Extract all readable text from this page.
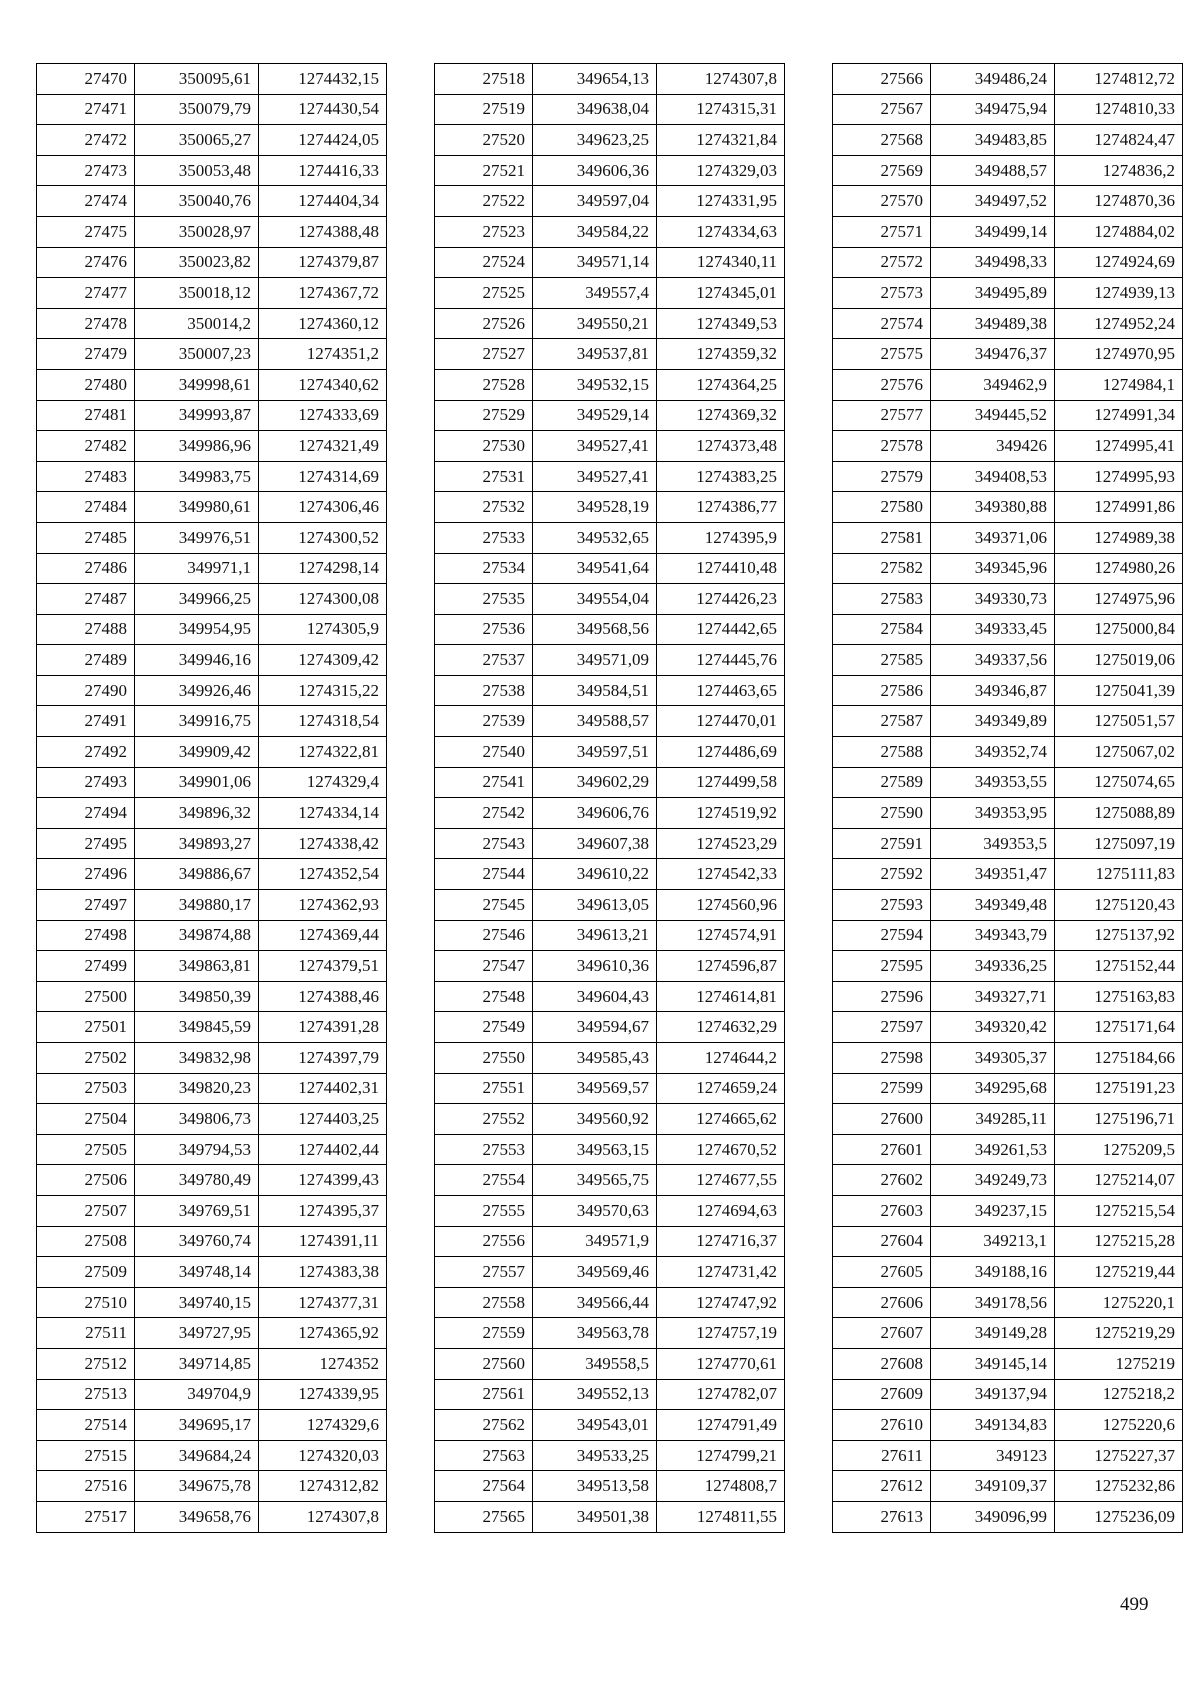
27470	350095,61	1274432,15
27471	350079,79	1274430,54
27472	350065,27	1274424,05
27473	350053,48	1274416,33
27474	350040,76	1274404,34
27475	350028,97	1274388,48
27476	350023,82	1274379,87
27477	350018,12	1274367,72
27478	350014,2	1274360,12
27479	350007,23	1274351,2
27480	349998,61	1274340,62
27481	349993,87	1274333,69
27482	349986,96	1274321,49
27483	349983,75	1274314,69
27484	349980,61	1274306,46
27485	349976,51	1274300,52
27486	349971,1	1274298,14
27487	349966,25	1274300,08
27488	349954,95	1274305,9
27489	349946,16	1274309,42
27490	349926,46	1274315,22
27491	349916,75	1274318,54
27492	349909,42	1274322,81
27493	349901,06	1274329,4
27494	349896,32	1274334,14
27495	349893,27	1274338,42
27496	349886,67	1274352,54
27497	349880,17	1274362,93
27498	349874,88	1274369,44
27499	349863,81	1274379,51
27500	349850,39	1274388,46
27501	349845,59	1274391,28
27502	349832,98	1274397,79
27503	349820,23	1274402,31
27504	349806,73	1274403,25
27505	349794,53	1274402,44
27506	349780,49	1274399,43
27507	349769,51	1274395,37
27508	349760,74	1274391,11
27509	349748,14	1274383,38
27510	349740,15	1274377,31
27511	349727,95	1274365,92
27512	349714,85	1274352
27513	349704,9	1274339,95
27514	349695,17	1274329,6
27515	349684,24	1274320,03
27516	349675,78	1274312,82
27517	349658,76	1274307,8
27518	349654,13	1274307,8
27519	349638,04	1274315,31
27520	349623,25	1274321,84
27521	349606,36	1274329,03
27522	349597,04	1274331,95
27523	349584,22	1274334,63
27524	349571,14	1274340,11
27525	349557,4	1274345,01
27526	349550,21	1274349,53
27527	349537,81	1274359,32
27528	349532,15	1274364,25
27529	349529,14	1274369,32
27530	349527,41	1274373,48
27531	349527,41	1274383,25
27532	349528,19	1274386,77
27533	349532,65	1274395,9
27534	349541,64	1274410,48
27535	349554,04	1274426,23
27536	349568,56	1274442,65
27537	349571,09	1274445,76
27538	349584,51	1274463,65
27539	349588,57	1274470,01
27540	349597,51	1274486,69
27541	349602,29	1274499,58
27542	349606,76	1274519,92
27543	349607,38	1274523,29
27544	349610,22	1274542,33
27545	349613,05	1274560,96
27546	349613,21	1274574,91
27547	349610,36	1274596,87
27548	349604,43	1274614,81
27549	349594,67	1274632,29
27550	349585,43	1274644,2
27551	349569,57	1274659,24
27552	349560,92	1274665,62
27553	349563,15	1274670,52
27554	349565,75	1274677,55
27555	349570,63	1274694,63
27556	349571,9	1274716,37
27557	349569,46	1274731,42
27558	349566,44	1274747,92
27559	349563,78	1274757,19
27560	349558,5	1274770,61
27561	349552,13	1274782,07
27562	349543,01	1274791,49
27563	349533,25	1274799,21
27564	349513,58	1274808,7
27565	349501,38	1274811,55
27566	349486,24	1274812,72
27567	349475,94	1274810,33
27568	349483,85	1274824,47
27569	349488,57	1274836,2
27570	349497,52	1274870,36
27571	349499,14	1274884,02
27572	349498,33	1274924,69
27573	349495,89	1274939,13
27574	349489,38	1274952,24
27575	349476,37	1274970,95
27576	349462,9	1274984,1
27577	349445,52	1274991,34
27578	349426	1274995,41
27579	349408,53	1274995,93
27580	349380,88	1274991,86
27581	349371,06	1274989,38
27582	349345,96	1274980,26
27583	349330,73	1274975,96
27584	349333,45	1275000,84
27585	349337,56	1275019,06
27586	349346,87	1275041,39
27587	349349,89	1275051,57
27588	349352,74	1275067,02
27589	349353,55	1275074,65
27590	349353,95	1275088,89
27591	349353,5	1275097,19
27592	349351,47	1275111,83
27593	349349,48	1275120,43
27594	349343,79	1275137,92
27595	349336,25	1275152,44
27596	349327,71	1275163,83
27597	349320,42	1275171,64
27598	349305,37	1275184,66
27599	349295,68	1275191,23
27600	349285,11	1275196,71
27601	349261,53	1275209,5
27602	349249,73	1275214,07
27603	349237,15	1275215,54
27604	349213,1	1275215,28
27605	349188,16	1275219,44
27606	349178,56	1275220,1
27607	349149,28	1275219,29
27608	349145,14	1275219
27609	349137,94	1275218,2
27610	349134,83	1275220,6
27611	349123	1275227,37
27612	349109,37	1275232,86
27613	349096,99	1275236,09
499
